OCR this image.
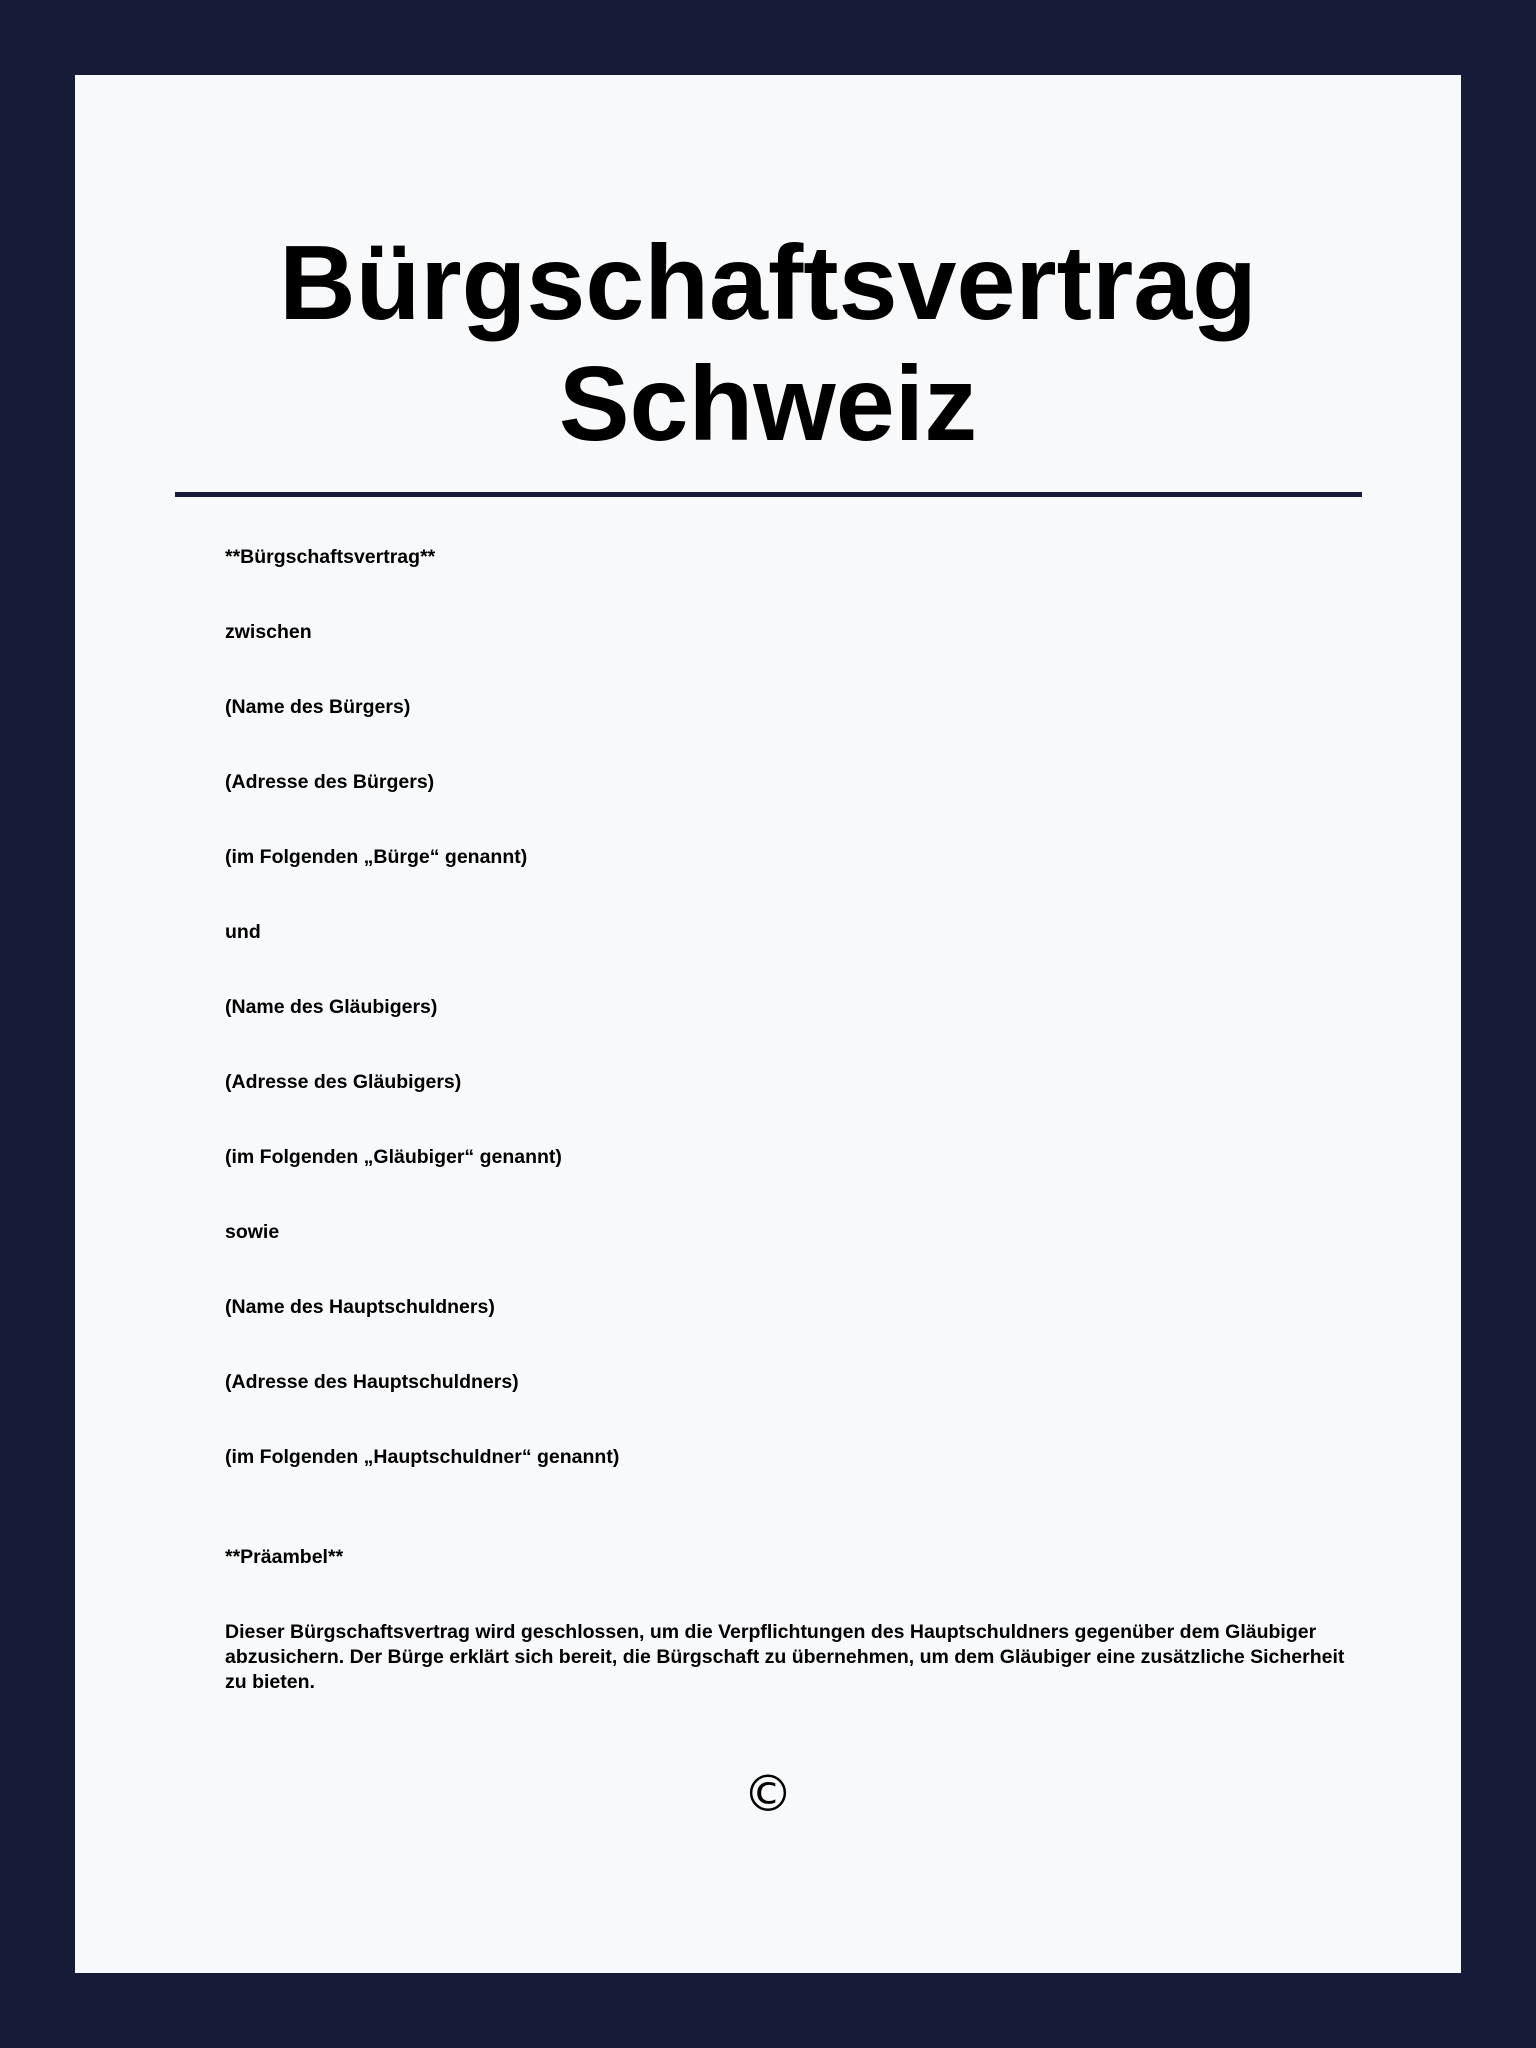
Bürgschaftsvertrag
Schweiz

**Bürgschaftsvertrag**

zwischen

(Name des Bürgers)

(Adresse des Bürgers)

(im Folgenden „Bürge“ genannt)

und

(Name des Gläubigers)

(Adresse des Gläubigers)

(im Folgenden „Gläubiger“ genannt)

sowie

(Name des Hauptschuldners)

(Adresse des Hauptschuldners)

(im Folgenden „Hauptschuldner“ genannt)

**Präambel**

Dieser Bürgschaftsvertrag wird geschlossen, um die Verpflichtungen des Hauptschuldners gegenüber dem Gläubiger abzusichern. Der Bürge erklärt sich bereit, die Bürgschaft zu übernehmen, um dem Gläubiger eine zusätzliche Sicherheit zu bieten.

©
